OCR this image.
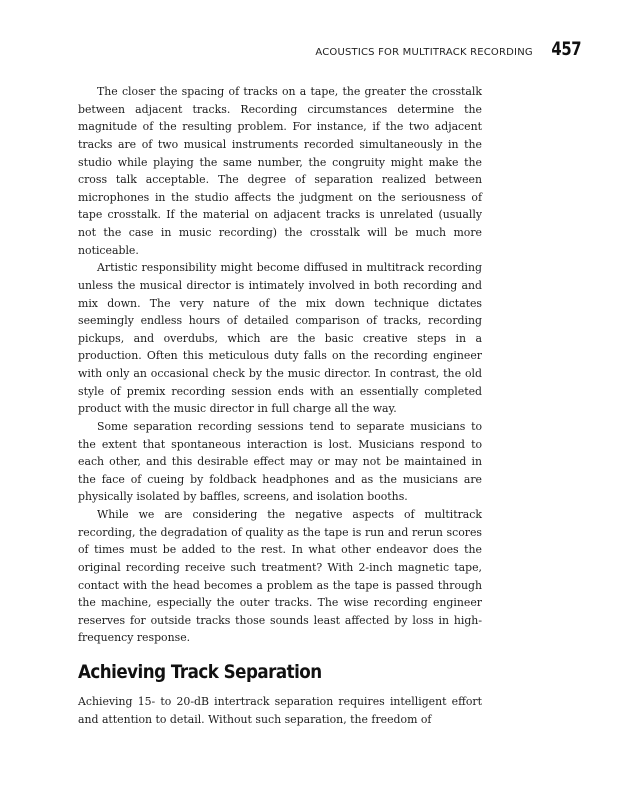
ACOUSTICS FOR MULTITRACK RECORDING 457

The closer the spacing of tracks on a tape, the greater the crosstalk between adjacent tracks. Recording circumstances determine the magnitude of the resulting problem. For instance, if the two adjacent tracks are of two musical instruments recorded simultaneously in the studio while playing the same number, the congruity might make the cross talk acceptable. The degree of separation realized between microphones in the studio affects the judgment on the seriousness of tape crosstalk. If the material on adjacent tracks is unrelated (usually not the case in music recording) the crosstalk will be much more noticeable.

Artistic responsibility might become diffused in multitrack recording unless the musical director is intimately involved in both recording and mix down. The very nature of the mix down technique dictates seemingly endless hours of detailed comparison of tracks, recording pickups, and overdubs, which are the basic creative steps in a production. Often this meticulous duty falls on the recording engineer with only an occasional check by the music director. In contrast, the old style of premix recording session ends with an essentially completed product with the music director in full charge all the way.

Some separation recording sessions tend to separate musicians to the extent that spontaneous interaction is lost. Musicians respond to each other, and this desirable effect may or may not be maintained in the face of cueing by foldback headphones and as the musicians are physically isolated by baffles, screens, and isolation booths.

While we are considering the negative aspects of multitrack recording, the degradation of quality as the tape is run and rerun scores of times must be added to the rest. In what other endeavor does the original recording receive such treatment? With 2-inch magnetic tape, contact with the head becomes a problem as the tape is passed through the machine, especially the outer tracks. The wise recording engineer reserves for outside tracks those sounds least affected by loss in high-frequency response.

Achieving Track Separation

Achieving 15- to 20-dB intertrack separation requires intelligent effort and attention to detail. Without such separation, the freedom of
